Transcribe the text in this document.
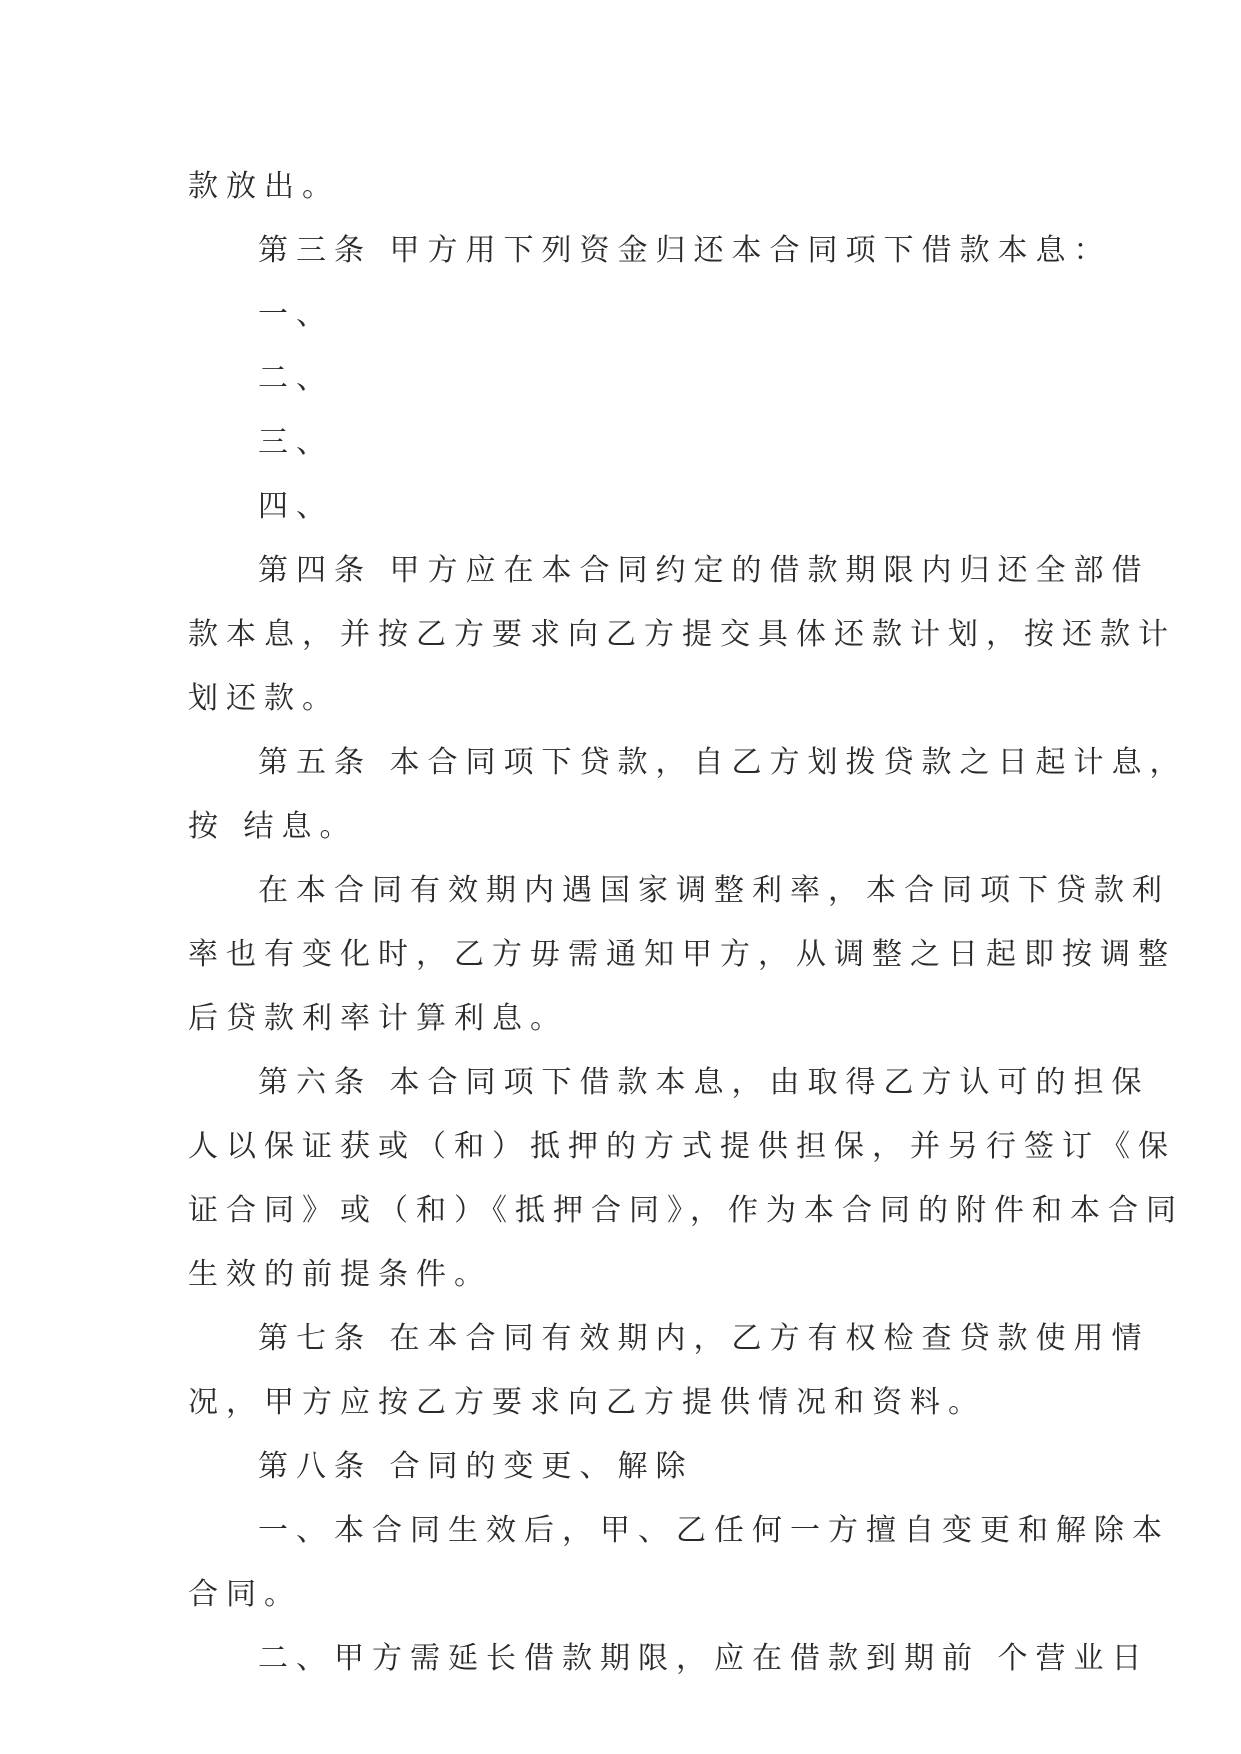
款放出。
第三条 甲方用下列资金归还本合同项下借款本息：
一、
二、
三、
四、
第四条 甲方应在本合同约定的借款期限内归还全部借
款本息，并按乙方要求向乙方提交具体还款计划，按还款计
划还款。
第五条 本合同项下贷款，自乙方划拨贷款之日起计息，
按 结息。
在本合同有效期内遇国家调整利率，本合同项下贷款利
率也有变化时，乙方毋需通知甲方，从调整之日起即按调整
后贷款利率计算利息。
第六条 本合同项下借款本息，由取得乙方认可的担保
人以保证获或（和）抵押的方式提供担保，并另行签订《保
证合同》或（和）《抵押合同》，作为本合同的附件和本合同
生效的前提条件。
第七条 在本合同有效期内，乙方有权检查贷款使用情
况，甲方应按乙方要求向乙方提供情况和资料。
第八条 合同的变更、解除
一、本合同生效后，甲、乙任何一方擅自变更和解除本
合同。
二、甲方需延长借款期限，应在借款到期前 个营业日
